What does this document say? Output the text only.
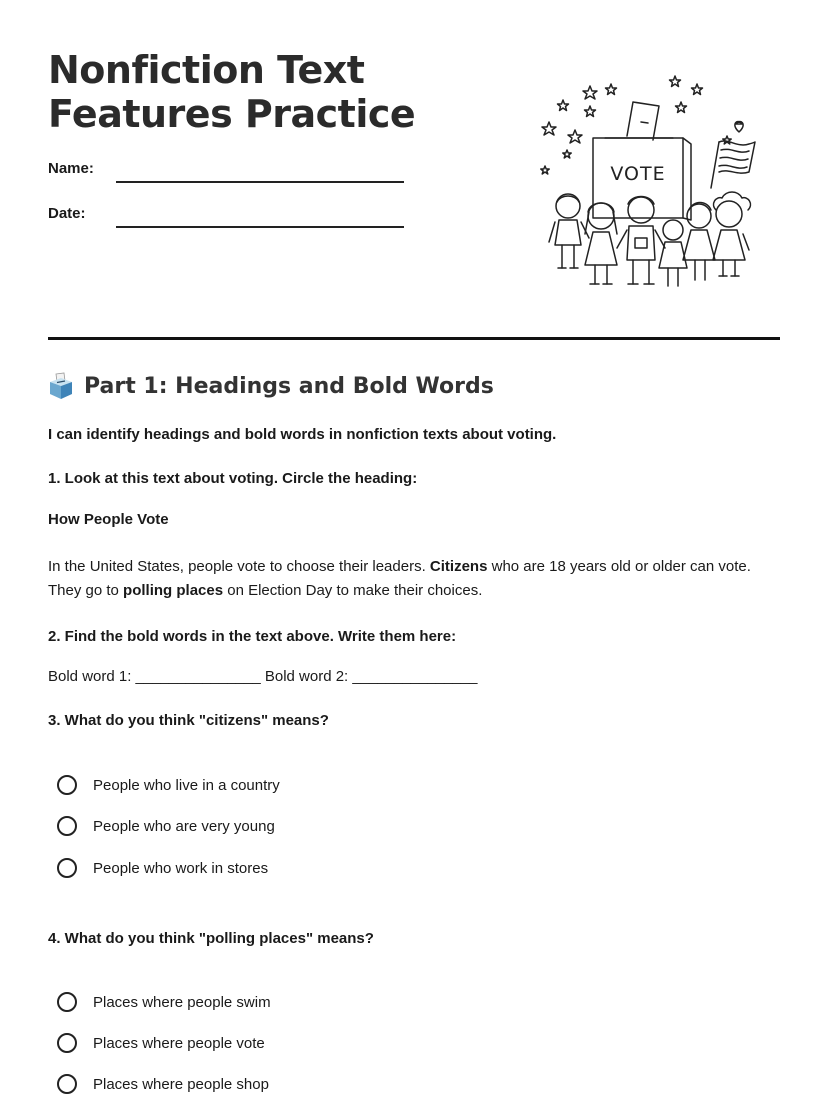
Nonfiction Text
Features Practice
Name:
Date:
VOTE
Part 1: Headings and Bold Words
I can identify headings and bold words in nonfiction texts about voting.
1. Look at this text about voting. Circle the heading:
How People Vote
In the United States, people vote to choose their leaders. Citizens who are 18 years old or older can vote. They go to polling places on Election Day to make their choices.
2. Find the bold words in the text above. Write them here:
Bold word 1: _______________ Bold word 2: _______________
3. What do you think "citizens" means?
People who live in a country
People who are very young
People who work in stores
4. What do you think "polling places" means?
Places where people swim
Places where people vote
Places where people shop
